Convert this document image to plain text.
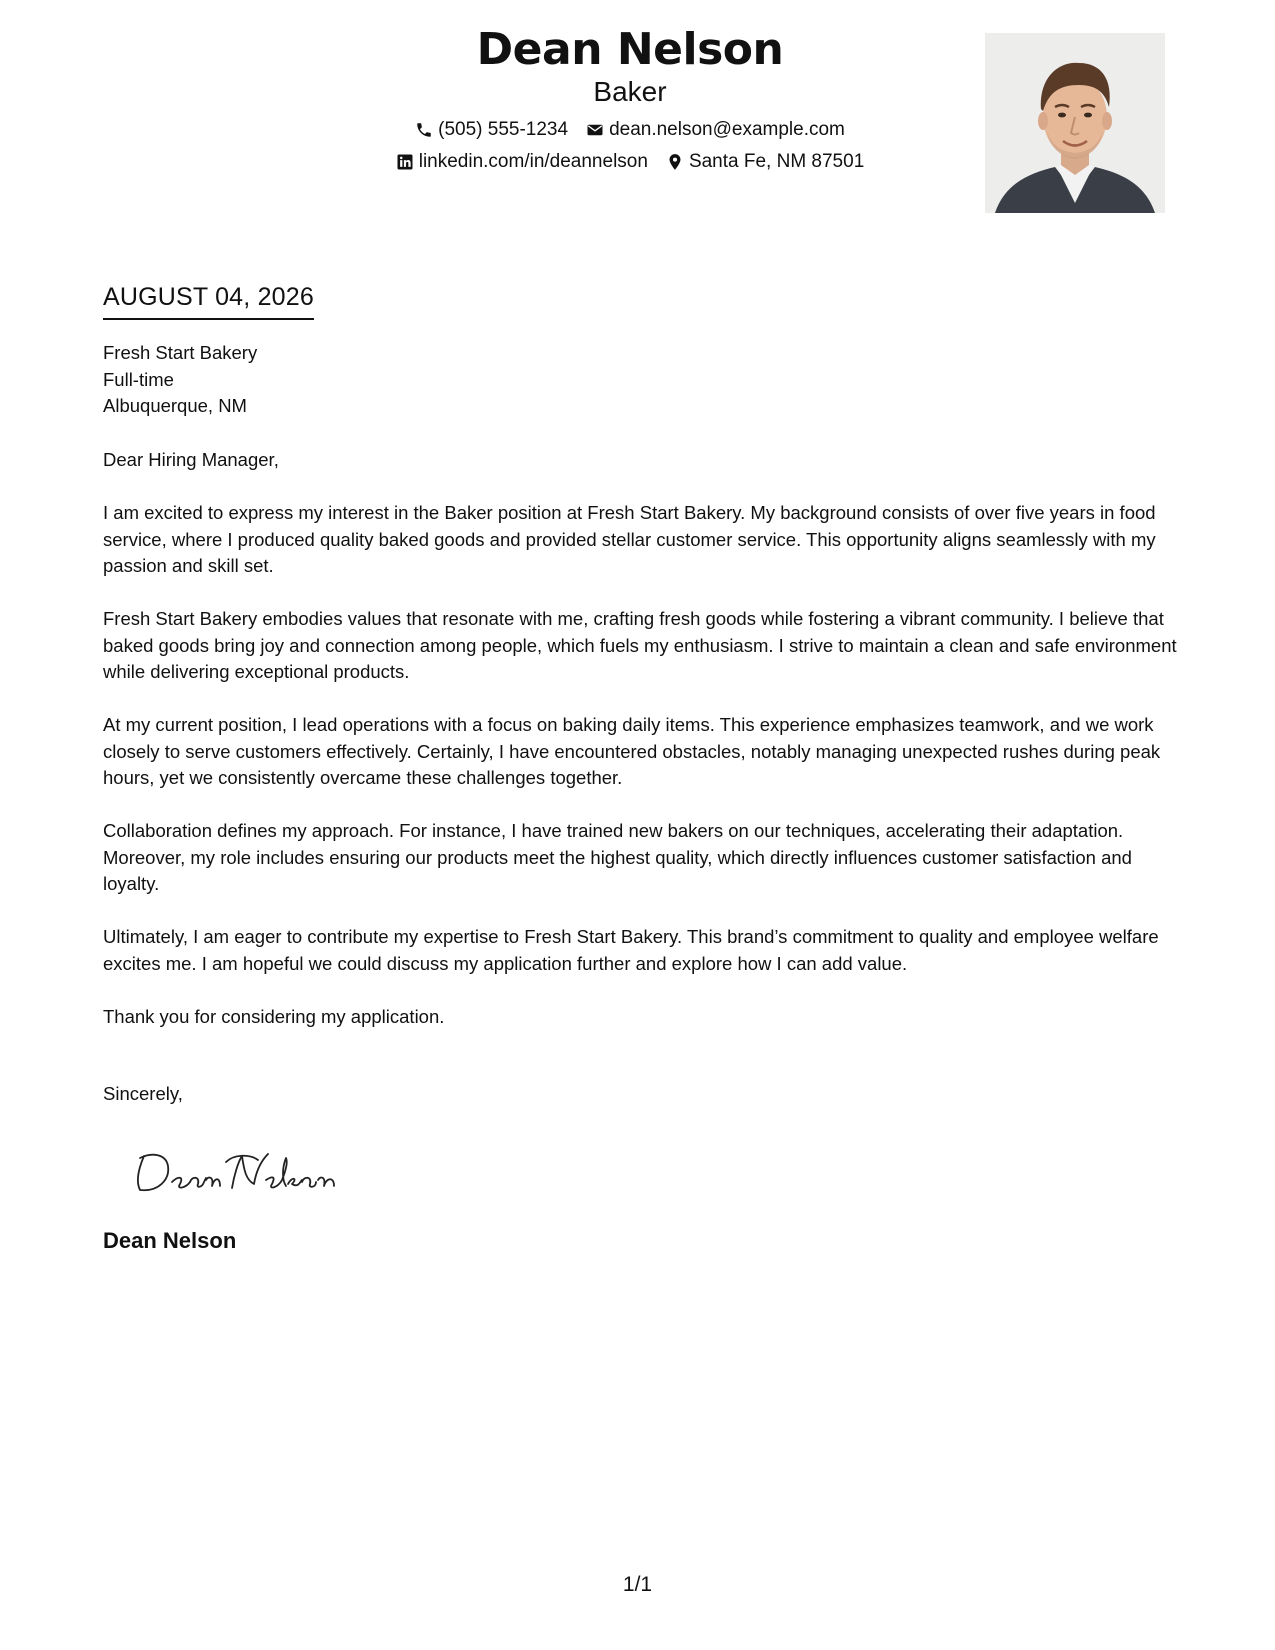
Dean Nelson
Baker
(505) 555-1234 dean.nelson@example.com
linkedin.com/in/deannelson Santa Fe, NM 87501
AUGUST 04, 2026
Fresh Start Bakery
Full-time
Albuquerque, NM

Dear Hiring Manager,

I am excited to express my interest in the Baker position at Fresh Start Bakery. My background consists of over five years in food service, where I produced quality baked goods and provided stellar customer service. This opportunity aligns seamlessly with my passion and skill set.

Fresh Start Bakery embodies values that resonate with me, crafting fresh goods while fostering a vibrant community. I believe that baked goods bring joy and connection among people, which fuels my enthusiasm. I strive to maintain a clean and safe environment while delivering exceptional products.

At my current position, I lead operations with a focus on baking daily items. This experience emphasizes teamwork, and we work closely to serve customers effectively. Certainly, I have encountered obstacles, notably managing unexpected rushes during peak hours, yet we consistently overcame these challenges together.

Collaboration defines my approach. For instance, I have trained new bakers on our techniques, accelerating their adaptation. Moreover, my role includes ensuring our products meet the highest quality, which directly influences customer satisfaction and loyalty.

Ultimately, I am eager to contribute my expertise to Fresh Start Bakery. This brand’s commitment to quality and employee welfare excites me. I am hopeful we could discuss my application further and explore how I can add value.

Thank you for considering my application.

Sincerely,
Dean Nelson
1/1
